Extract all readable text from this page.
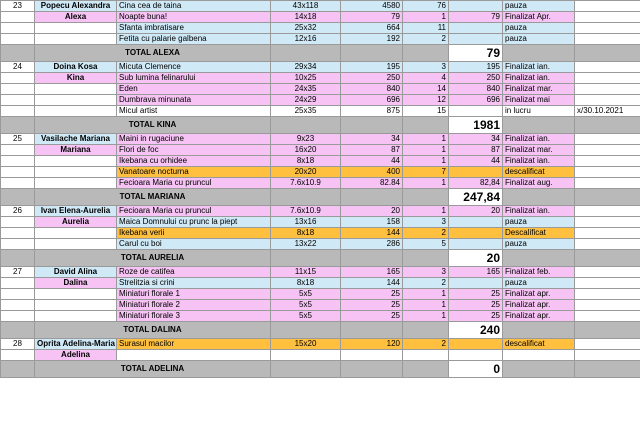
23	Popecu Alexandra	Cina cea de taina	43x118	4580	76		pauza	
	Alexa	Noapte buna!	14x18	79	1	79	Finalizat Apr.	
		Sfanta imbratisare	25x32	664	11		pauza	
		Fetita cu palarie galbena	12x16	192	2		pauza	
	TOTAL ALEXA					79		
24	Doina Kosa	Micuta Clemence	29x34	195	3	195	Finalizat ian.	
	Kina	Sub lumina felinarului	10x25	250	4	250	Finalizat ian.	
		Eden	24x35	840	14	840	Finalizat mar.	
		Dumbrava minunata	24x29	696	12	696	Finalizat mai	
		Micul artist	25x35	875	15		in lucru	x/30.10.2021
	TOTAL KINA					1981		
25	Vasilache Mariana	Maini in rugaciune	9x23	34	1	34	Finalizat ian.	
	Mariana	Flori de foc	16x20	87	1	87	Finalizat mar.	
		Ikebana cu orhidee	8x18	44	1	44	Finalizat ian.	
		Vanatoare nocturna	20x20	400	7		descalificat	
		Fecioara Maria cu pruncul	7.6x10.9	82.84	1	82,84	Finalizat aug.	
	TOTAL MARIANA					247,84		
26	Ivan Elena-Aurelia	Fecioara Maria cu pruncul	7.6x10.9	20	1	20	Finalizat ian.	
	Aurelia	Maica Domnului cu prunc la piept	13x16	158	3		pauza	
		Ikebana verii	8x18	144	2		Descalificat	
		Carul cu boi	13x22	286	5		pauza	
	TOTAL AURELIA					20		
27	David Alina	Roze de catifea	11x15	165	3	165	Finalizat feb.	
	Dalina	Strelitzia si crini	8x18	144	2		pauza	
		Miniaturi florale 1	5x5	25	1	25	Finalizat apr.	
		Miniaturi florale 2	5x5	25	1	25	Finalizat apr.	
		Miniaturi florale 3	5x5	25	1	25	Finalizat apr.	
	TOTAL DALINA					240		
28	Oprita Adelina-Maria	Surasul macilor	15x20	120	2		descalificat	
	Adelina							
	TOTAL ADELINA					0		
